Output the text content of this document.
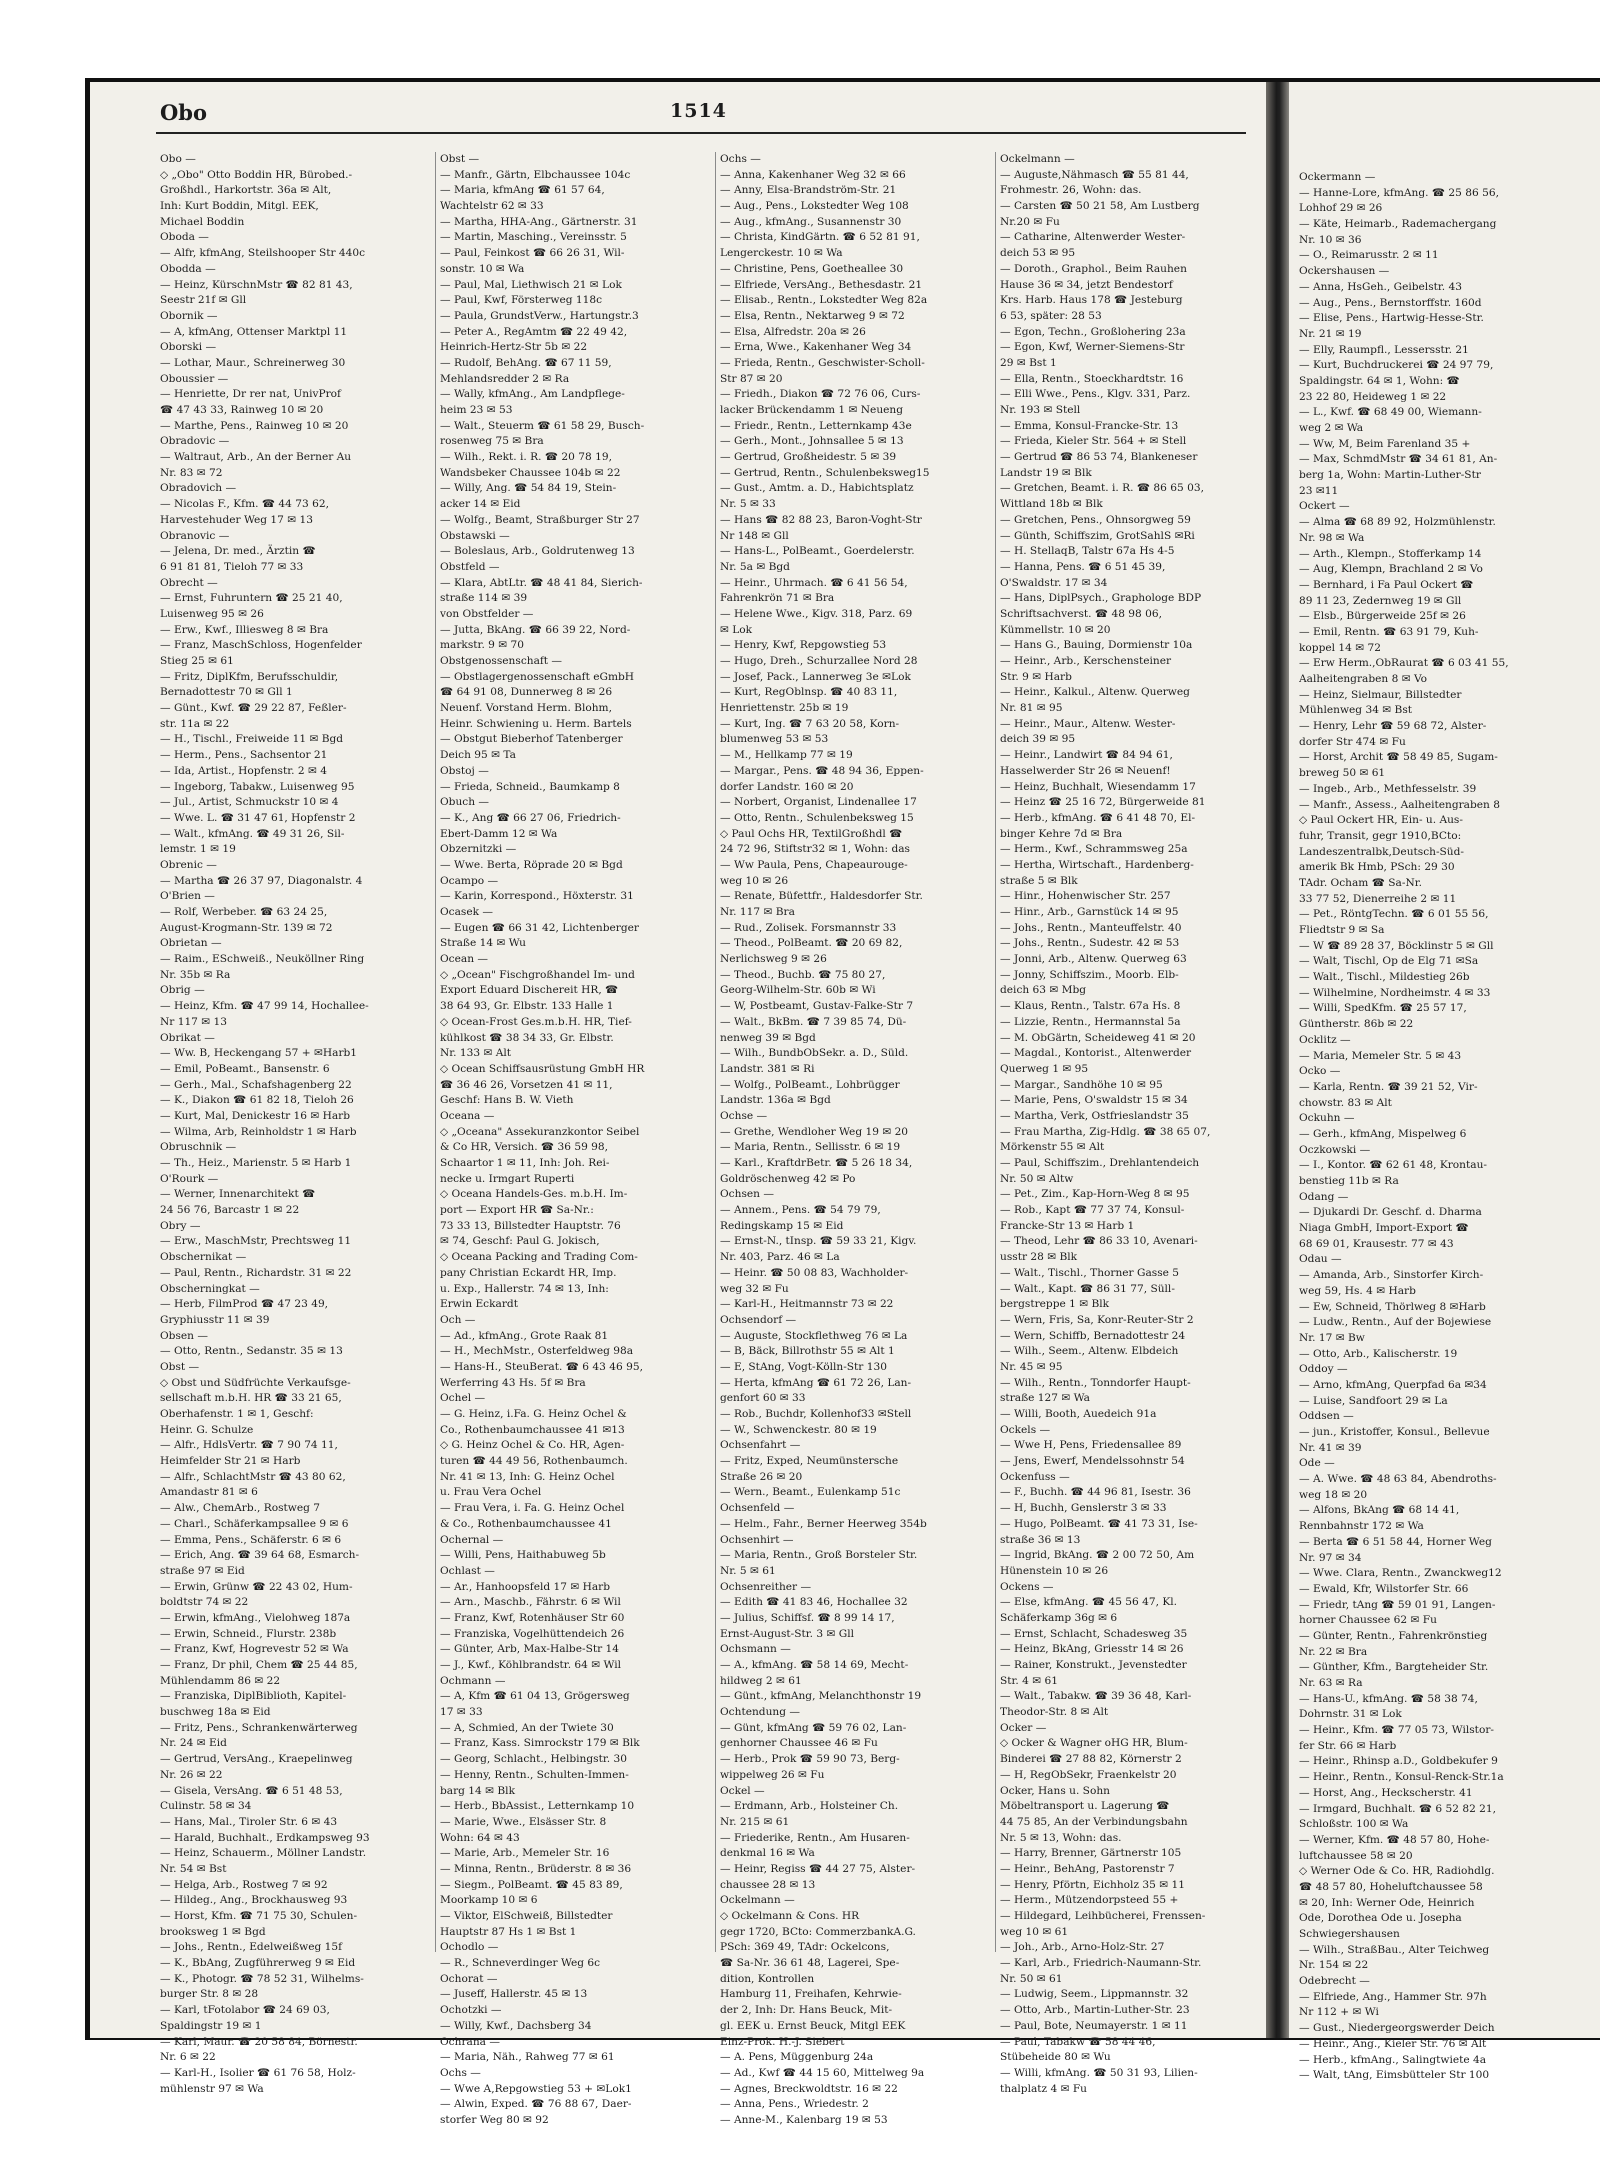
Obo	1514
Obo —
◇ „Obo" Otto Boddin HR, Bürobed.-
Großhdl., Harkortstr. 36a ✉ Alt,
Inh: Kurt Boddin, Mitgl. EEK,
Michael Boddin
Oboda —
— Alfr, kfmAng, Steilshooper Str 440c
Obodda —
— Heinz, KürschnMstr ☎ 82 81 43,
Seestr 21f ✉ Gll
Obornik —
— A, kfmAng, Ottenser Marktpl 11
Oborski —
— Lothar, Maur., Schreinerweg 30
Oboussier —
— Henriette, Dr rer nat, UnivProf
☎ 47 43 33, Rainweg 10 ✉ 20
— Marthe, Pens., Rainweg 10 ✉ 20
Obradovic —
— Waltraut, Arb., An der Berner Au
Nr. 83 ✉ 72
Obradovich —
— Nicolas F., Kfm. ☎ 44 73 62,
Harvestehuder Weg 17 ✉ 13
Obranovic —
— Jelena, Dr. med., Ärztin ☎
6 91 81 81, Tieloh 77 ✉ 33
Obrecht —
— Ernst, Fuhruntern ☎ 25 21 40,
Luisenweg 95 ✉ 26
— Erw., Kwf., Illiesweg 8 ✉ Bra
— Franz, MaschSchloss, Hogenfelder
Stieg 25 ✉ 61
— Fritz, DiplKfm, Berufsschuldir,
Bernadottestr 70 ✉ Gll 1
— Günt., Kwf. ☎ 29 22 87, Feßler-
str. 11a ✉ 22
— H., Tischl., Freiweide 11 ✉ Bgd
— Herm., Pens., Sachsentor 21
— Ida, Artist., Hopfenstr. 2 ✉ 4
— Ingeborg, Tabakw., Luisenweg 95
— Jul., Artist, Schmuckstr 10 ✉ 4
— Wwe. L. ☎ 31 47 61, Hopfenstr 2
— Walt., kfmAng. ☎ 49 31 26, Sil-
lemstr. 1 ✉ 19
Obrenic —
— Martha ☎ 26 37 97, Diagonalstr. 4
O'Brien —
— Rolf, Werbeber. ☎ 63 24 25,
August-Krogmann-Str. 139 ✉ 72
Obrietan —
— Raim., ESchweiß., Neuköllner Ring
Nr. 35b ✉ Ra
Obrig —
— Heinz, Kfm. ☎ 47 99 14, Hochallee-
Nr 117 ✉ 13
Obrikat —
— Ww. B, Heckengang 57 + ✉Harb1
— Emil, PoBeamt., Bansenstr. 6
— Gerh., Mal., Schafshagenberg 22
— K., Diakon ☎ 61 82 18, Tieloh 26
— Kurt, Mal, Denickestr 16 ✉ Harb
— Wilma, Arb, Reinholdstr 1 ✉ Harb
Obruschnik —
— Th., Heiz., Marienstr. 5 ✉ Harb 1
O'Rourk —
— Werner, Innenarchitekt ☎
24 56 76, Barcastr 1 ✉ 22
Obry —
— Erw., MaschMstr, Prechtsweg 11
Obschernikat —
— Paul, Rentn., Richardstr. 31 ✉ 22
Obscherningkat —
— Herb, FilmProd ☎ 47 23 49,
Gryphiusstr 11 ✉ 39
Obsen —
— Otto, Rentn., Sedanstr. 35 ✉ 13
Obst —
◇ Obst und Südfrüchte Verkaufsge-
sellschaft m.b.H. HR ☎ 33 21 65,
Oberhafenstr. 1 ✉ 1, Geschf:
Heinr. G. Schulze
— Alfr., HdlsVertr. ☎ 7 90 74 11,
Heimfelder Str 21 ✉ Harb
— Alfr., SchlachtMstr ☎ 43 80 62,
Amandastr 81 ✉ 6
— Alw., ChemArb., Rostweg 7
— Charl., Schäferkampsallee 9 ✉ 6
— Emma, Pens., Schäferstr. 6 ✉ 6
— Erich, Ang. ☎ 39 64 68, Esmarch-
straße 97 ✉ Eid
— Erwin, Grünw ☎ 22 43 02, Hum-
boldtstr 74 ✉ 22
— Erwin, kfmAng., Vielohweg 187a
— Erwin, Schneid., Flurstr. 238b
— Franz, Kwf, Hogrevestr 52 ✉ Wa
— Franz, Dr phil, Chem ☎ 25 44 85,
Mühlendamm 86 ✉ 22
— Franziska, DiplBiblioth, Kapitel-
buschweg 18a ✉ Eid
— Fritz, Pens., Schrankenwärterweg
Nr. 24 ✉ Eid
— Gertrud, VersAng., Kraepelinweg
Nr. 26 ✉ 22
— Gisela, VersAng. ☎ 6 51 48 53,
Culinstr. 58 ✉ 34
— Hans, Mal., Tiroler Str. 6 ✉ 43
— Harald, Buchhalt., Erdkampsweg 93
— Heinz, Schauerm., Möllner Landstr.
Nr. 54 ✉ Bst
— Helga, Arb., Rostweg 7 ✉ 92
— Hildeg., Ang., Brockhausweg 93
— Horst, Kfm. ☎ 71 75 30, Schulen-
brooksweg 1 ✉ Bgd
— Johs., Rentn., Edelweißweg 15f
— K., BbAng, Zugführerweg 9 ✉ Eid
— K., Photogr. ☎ 78 52 31, Wilhelms-
burger Str. 8 ✉ 28
— Karl, tFotolabor ☎ 24 69 03,
Spaldingstr 19 ✉ 1
— Karl, Maur. ☎ 20 58 84, Börnestr.
Nr. 6 ✉ 22
— Karl-H., Isolier ☎ 61 76 58, Holz-
mühlenstr 97 ✉ Wa
Obst —
— Manfr., Gärtn, Elbchaussee 104c
— Maria, kfmAng ☎ 61 57 64,
Wachtelstr 62 ✉ 33
— Martha, HHA-Ang., Gärtnerstr. 31
— Martin, Masching., Vereinsstr. 5
— Paul, Feinkost ☎ 66 26 31, Wil-
sonstr. 10 ✉ Wa
— Paul, Mal, Liethwisch 21 ✉ Lok
— Paul, Kwf, Försterweg 118c
— Paula, GrundstVerw., Hartungstr.3
— Peter A., RegAmtm ☎ 22 49 42,
Heinrich-Hertz-Str 5b ✉ 22
— Rudolf, BehAng. ☎ 67 11 59,
Mehlandsredder 2 ✉ Ra
— Wally, kfmAng., Am Landpflege-
heim 23 ✉ 53
— Walt., Steuerm ☎ 61 58 29, Busch-
rosenweg 75 ✉ Bra
— Wilh., Rekt. i. R. ☎ 20 78 19,
Wandsbeker Chaussee 104b ✉ 22
— Willy, Ang. ☎ 54 84 19, Stein-
acker 14 ✉ Eid
— Wolfg., Beamt, Straßburger Str 27
Obstawski —
— Boleslaus, Arb., Goldrutenweg 13
Obstfeld —
— Klara, AbtLtr. ☎ 48 41 84, Sierich-
straße 114 ✉ 39
von Obstfelder —
— Jutta, BkAng. ☎ 66 39 22, Nord-
markstr. 9 ✉ 70
Obstgenossenschaft —
— Obstlagergenossenschaft eGmbH
☎ 64 91 08, Dunnerweg 8 ✉ 26
Neuenf. Vorstand Herm. Blohm,
Heinr. Schwiening u. Herm. Bartels
— Obstgut Bieberhof Tatenberger
Deich 95 ✉ Ta
Obstoj —
— Frieda, Schneid., Baumkamp 8
Obuch —
— K., Ang ☎ 66 27 06, Friedrich-
Ebert-Damm 12 ✉ Wa
Obzernitzki —
— Wwe. Berta, Röprade 20 ✉ Bgd
Ocampo —
— Karin, Korrespond., Höxterstr. 31
Ocasek —
— Eugen ☎ 66 31 42, Lichtenberger
Straße 14 ✉ Wu
Ocean —
◇ „Ocean" Fischgroßhandel Im- und
Export Eduard Dischereit HR, ☎
38 64 93, Gr. Elbstr. 133 Halle 1
◇ Ocean-Frost Ges.m.b.H. HR, Tief-
kühlkost ☎ 38 34 33, Gr. Elbstr.
Nr. 133 ✉ Alt
◇ Ocean Schiffsausrüstung GmbH HR
☎ 36 46 26, Vorsetzen 41 ✉ 11,
Geschf: Hans B. W. Vieth
Oceana —
◇ „Oceana" Assekuranzkontor Seibel
& Co HR, Versich. ☎ 36 59 98,
Schaartor 1 ✉ 11, Inh: Joh. Rei-
necke u. Irmgart Ruperti
◇ Oceana Handels-Ges. m.b.H. Im-
port — Export HR ☎ Sa-Nr.:
73 33 13, Billstedter Hauptstr. 76
✉ 74, Geschf: Paul G. Jokisch,
◇ Oceana Packing and Trading Com-
pany Christian Eckardt HR, Imp.
u. Exp., Hallerstr. 74 ✉ 13, Inh:
Erwin Eckardt
Och —
— Ad., kfmAng., Grote Raak 81
— H., MechMstr., Osterfeldweg 98a
— Hans-H., SteuBerat. ☎ 6 43 46 95,
Werferring 43 Hs. 5f ✉ Bra
Ochel —
— G. Heinz, i.Fa. G. Heinz Ochel &
Co., Rothenbaumchaussee 41 ✉13
◇ G. Heinz Ochel & Co. HR, Agen-
turen ☎ 44 49 56, Rothenbaumch.
Nr. 41 ✉ 13, Inh: G. Heinz Ochel
u. Frau Vera Ochel
— Frau Vera, i. Fa. G. Heinz Ochel
& Co., Rothenbaumchaussee 41
Ochernal —
— Willi, Pens, Haithabuweg 5b
Ochlast —
— Ar., Hanhoopsfeld 17 ✉ Harb
— Arn., Maschb., Fährstr. 6 ✉ Wil
— Franz, Kwf, Rotenhäuser Str 60
— Franziska, Vogelhüttendeich 26
— Günter, Arb, Max-Halbe-Str 14
— J., Kwf., Köhlbrandstr. 64 ✉ Wil
Ochmann —
— A, Kfm ☎ 61 04 13, Grögersweg
17 ✉ 33
— A, Schmied, An der Twiete 30
— Franz, Kass. Simrockstr 179 ✉ Blk
— Georg, Schlacht., Helbingstr. 30
— Henny, Rentn., Schulten-Immen-
barg 14 ✉ Blk
— Herb., BbAssist., Letternkamp 10
— Marie, Wwe., Elsässer Str. 8
Wohn: 64 ✉ 43
— Marie, Arb., Memeler Str. 16
— Minna, Rentn., Brüderstr. 8 ✉ 36
— Siegm., PolBeamt. ☎ 45 83 89,
Moorkamp 10 ✉ 6
— Viktor, ElSchweiß, Billstedter
Hauptstr 87 Hs 1 ✉ Bst 1
Ochodlo —
— R., Schneverdinger Weg 6c
Ochorat —
— Juseff, Hallerstr. 45 ✉ 13
Ochotzki —
— Willy, Kwf., Dachsberg 34
Ochrana —
— Maria, Näh., Rahweg 77 ✉ 61
Ochs —
— Wwe A,Repgowstieg 53 + ✉Lok1
— Alwin, Exped. ☎ 76 88 67, Daer-
storfer Weg 80 ✉ 92
Ochs —
— Anna, Kakenhaner Weg 32 ✉ 66
— Anny, Elsa-Brandström-Str. 21
— Aug., Pens., Lokstedter Weg 108
— Aug., kfmAng., Susannenstr 30
— Christa, KindGärtn. ☎ 6 52 81 91,
Lengerckestr. 10 ✉ Wa
— Christine, Pens, Goetheallee 30
— Elfriede, VersAng., Bethesdastr. 21
— Elisab., Rentn., Lokstedter Weg 82a
— Elsa, Rentn., Nektarweg 9 ✉ 72
— Elsa, Alfredstr. 20a ✉ 26
— Erna, Wwe., Kakenhaner Weg 34
— Frieda, Rentn., Geschwister-Scholl-
Str 87 ✉ 20
— Friedh., Diakon ☎ 72 76 06, Curs-
lacker Brückendamm 1 ✉ Neueng
— Friedr., Rentn., Letternkamp 43e
— Gerh., Mont., Johnsallee 5 ✉ 13
— Gertrud, Großheidestr. 5 ✉ 39
— Gertrud, Rentn., Schulenbeksweg15
— Gust., Amtm. a. D., Habichtsplatz
Nr. 5 ✉ 33
— Hans ☎ 82 88 23, Baron-Voght-Str
Nr 148 ✉ Gll
— Hans-L., PolBeamt., Goerdelerstr.
Nr. 5a ✉ Bgd
— Heinr., Uhrmach. ☎ 6 41 56 54,
Fahrenkrön 71 ✉ Bra
— Helene Wwe., Kigv. 318, Parz. 69
✉ Lok
— Henry, Kwf, Repgowstieg 53
— Hugo, Dreh., Schurzallee Nord 28
— Josef, Pack., Lannerweg 3e ✉Lok
— Kurt, RegOblnsp. ☎ 40 83 11,
Henriettenstr. 25b ✉ 19
— Kurt, Ing. ☎ 7 63 20 58, Korn-
blumenweg 53 ✉ 53
— M., Hellkamp 77 ✉ 19
— Margar., Pens. ☎ 48 94 36, Eppen-
dorfer Landstr. 160 ✉ 20
— Norbert, Organist, Lindenallee 17
— Otto, Rentn., Schulenbeksweg 15
◇ Paul Ochs HR, TextilGroßhdl ☎
24 72 96, Stiftstr32 ✉ 1, Wohn: das
— Ww Paula, Pens, Chapeaurouge-
weg 10 ✉ 26
— Renate, Büfettfr., Haldesdorfer Str.
Nr. 117 ✉ Bra
— Rud., Zolisek. Forsmannstr 33
— Theod., PolBeamt. ☎ 20 69 82,
Nerlichsweg 9 ✉ 26
— Theod., Buchb. ☎ 75 80 27,
Georg-Wilhelm-Str. 60b ✉ Wi
— W, Postbeamt, Gustav-Falke-Str 7
— Walt., BkBm. ☎ 7 39 85 74, Dü-
nenweg 39 ✉ Bgd
— Wilh., BundbObSekr. a. D., Süld.
Landstr. 381 ✉ Ri
— Wolfg., PolBeamt., Lohbrügger
Landstr. 136a ✉ Bgd
Ochse —
— Grethe, Wendloher Weg 19 ✉ 20
— Maria, Rentn., Sellisstr. 6 ✉ 19
— Karl., KraftdrBetr. ☎ 5 26 18 34,
Goldröschenweg 42 ✉ Po
Ochsen —
— Annem., Pens. ☎ 54 79 79,
Redingskamp 15 ✉ Eid
— Ernst-N., tInsp. ☎ 59 33 21, Kigv.
Nr. 403, Parz. 46 ✉ La
— Heinr. ☎ 50 08 83, Wachholder-
weg 32 ✉ Fu
— Karl-H., Heitmannstr 73 ✉ 22
Ochsendorf —
— Auguste, Stockflethweg 76 ✉ La
— B, Bäck, Billrothstr 55 ✉ Alt 1
— E, StAng, Vogt-Kölln-Str 130
— Herta, kfmAng ☎ 61 72 26, Lan-
genfort 60 ✉ 33
— Rob., Buchdr, Kollenhof33 ✉Stell
— W., Schwenckestr. 80 ✉ 19
Ochsenfahrt —
— Fritz, Exped, Neumünstersche
Straße 26 ✉ 20
— Wern., Beamt., Eulenkamp 51c
Ochsenfeld —
— Helm., Fahr., Berner Heerweg 354b
Ochsenhirt —
— Maria, Rentn., Groß Borsteler Str.
Nr. 5 ✉ 61
Ochsenreither —
— Edith ☎ 41 83 46, Hochallee 32
— Julius, Schiffsf. ☎ 8 99 14 17,
Ernst-August-Str. 3 ✉ Gll
Ochsmann —
— A., kfmAng. ☎ 58 14 69, Mecht-
hildweg 2 ✉ 61
— Günt., kfmAng, Melanchthonstr 19
Ochtendung —
— Günt, kfmAng ☎ 59 76 02, Lan-
genhorner Chaussee 46 ✉ Fu
— Herb., Prok ☎ 59 90 73, Berg-
wippelweg 26 ✉ Fu
Ockel —
— Erdmann, Arb., Holsteiner Ch.
Nr. 215 ✉ 61
— Friederike, Rentn., Am Husaren-
denkmal 16 ✉ Wa
— Heinr, Regiss ☎ 44 27 75, Alster-
chaussee 28 ✉ 13
Ockelmann —
◇ Ockelmann & Cons. HR
gegr 1720, BCto: CommerzbankA.G.
PSch: 369 49, TAdr: Ockelcons,
☎ Sa-Nr. 36 61 48, Lagerei, Spe-
dition, Kontrollen
Hamburg 11, Freihafen, Kehrwie-
der 2, Inh: Dr. Hans Beuck, Mit-
gl. EEK u. Ernst Beuck, Mitgl EEK
Einz-Prok. H.-J. Siebert
— A. Pens, Müggenburg 24a
— Ad., Kwf ☎ 44 15 60, Mittelweg 9a
— Agnes, Breckwoldtstr. 16 ✉ 22
— Anna, Pens., Wriedestr. 2
— Anne-M., Kalenbarg 19 ✉ 53
Ockelmann —
— Auguste,Nähmasch ☎ 55 81 44,
Frohmestr. 26, Wohn: das.
— Carsten ☎ 50 21 58, Am Lustberg
Nr.20 ✉ Fu
— Catharine, Altenwerder Wester-
deich 53 ✉ 95
— Doroth., Graphol., Beim Rauhen
Hause 36 ✉ 34, jetzt Bendestorf
Krs. Harb. Haus 178 ☎ Jesteburg
6 53, später: 28 53
— Egon, Techn., Großlohering 23a
— Egon, Kwf, Werner-Siemens-Str
29 ✉ Bst 1
— Ella, Rentn., Stoeckhardtstr. 16
— Elli Wwe., Pens., Klgv. 331, Parz.
Nr. 193 ✉ Stell
— Emma, Konsul-Francke-Str. 13
— Frieda, Kieler Str. 564 + ✉ Stell
— Gertrud ☎ 86 53 74, Blankeneser
Landstr 19 ✉ Blk
— Gretchen, Beamt. i. R. ☎ 86 65 03,
Wittland 18b ✉ Blk
— Gretchen, Pens., Ohnsorgweg 59
— Günth, Schiffszim, GrotSahlS ✉Ri
— H. StellaqB, Talstr 67a Hs 4-5
— Hanna, Pens. ☎ 6 51 45 39,
O'Swaldstr. 17 ✉ 34
— Hans, DiplPsych., Graphologe BDP
Schriftsachverst. ☎ 48 98 06,
Kümmellstr. 10 ✉ 20
— Hans G., Bauing, Dormienstr 10a
— Heinr., Arb., Kerschensteiner
Str. 9 ✉ Harb
— Heinr., Kalkul., Altenw. Querweg
Nr. 81 ✉ 95
— Heinr., Maur., Altenw. Wester-
deich 39 ✉ 95
— Heinr., Landwirt ☎ 84 94 61,
Hasselwerder Str 26 ✉ Neuenf!
— Heinz, Buchhalt, Wiesendamm 17
— Heinz ☎ 25 16 72, Bürgerweide 81
— Herb., kfmAng. ☎ 6 41 48 70, El-
binger Kehre 7d ✉ Bra
— Herm., Kwf., Schrammsweg 25a
— Hertha, Wirtschaft., Hardenberg-
straße 5 ✉ Blk
— Hinr., Hohenwischer Str. 257
— Hinr., Arb., Garnstück 14 ✉ 95
— Johs., Rentn., Manteuffelstr. 40
— Johs., Rentn., Sudestr. 42 ✉ 53
— Jonni, Arb., Altenw. Querweg 63
— Jonny, Schiffszim., Moorb. Elb-
deich 63 ✉ Mbg
— Klaus, Rentn., Talstr. 67a Hs. 8
— Lizzie, Rentn., Hermannstal 5a
— M. ObGärtn, Scheideweg 41 ✉ 20
— Magdal., Kontorist., Altenwerder
Querweg 1 ✉ 95
— Margar., Sandhöhe 10 ✉ 95
— Marie, Pens, O'swaldstr 15 ✉ 34
— Martha, Verk, Ostfrieslandstr 35
— Frau Martha, Zig-Hdlg. ☎ 38 65 07,
Mörkenstr 55 ✉ Alt
— Paul, Schiffszim., Drehlantendeich
Nr. 50 ✉ Altw
— Pet., Zim., Kap-Horn-Weg 8 ✉ 95
— Rob., Kapt ☎ 77 37 74, Konsul-
Francke-Str 13 ✉ Harb 1
— Theod, Lehr ☎ 86 33 10, Avenari-
usstr 28 ✉ Blk
— Walt., Tischl., Thorner Gasse 5
— Walt., Kapt. ☎ 86 31 77, Süll-
bergstreppe 1 ✉ Blk
— Wern, Fris, Sa, Konr-Reuter-Str 2
— Wern, Schiffb, Bernadottestr 24
— Wilh., Seem., Altenw. Elbdeich
Nr. 45 ✉ 95
— Wilh., Rentn., Tonndorfer Haupt-
straße 127 ✉ Wa
— Willi, Booth, Auedeich 91a
Ockels —
— Wwe H, Pens, Friedensallee 89
— Jens, Ewerf, Mendelssohnstr 54
Ockenfuss —
— F., Buchh. ☎ 44 96 81, Isestr. 36
— H, Buchh, Genslerstr 3 ✉ 33
— Hugo, PolBeamt. ☎ 41 73 31, Ise-
straße 36 ✉ 13
— Ingrid, BkAng. ☎ 2 00 72 50, Am
Hünenstein 10 ✉ 26
Ockens —
— Else, kfmAng. ☎ 45 56 47, Kl.
Schäferkamp 36g ✉ 6
— Ernst, Schlacht, Schadesweg 35
— Heinz, BkAng, Griesstr 14 ✉ 26
— Rainer, Konstrukt., Jevenstedter
Str. 4 ✉ 61
— Walt., Tabakw. ☎ 39 36 48, Karl-
Theodor-Str. 8 ✉ Alt
Ocker —
◇ Ocker & Wagner oHG HR, Blum-
Binderei ☎ 27 88 82, Körnerstr 2
— H, RegObSekr, Fraenkelstr 20
Ocker, Hans u. Sohn
Möbeltransport u. Lagerung ☎
44 75 85, An der Verbindungsbahn
Nr. 5 ✉ 13, Wohn: das.
— Harry, Brenner, Gärtnerstr 105
— Heinr., BehAng, Pastorenstr 7
— Henry, Pförtn, Eichholz 35 ✉ 11
— Herm., Mützendorpsteed 55 +
— Hildegard, Leihbücherei, Frenssen-
weg 10 ✉ 61
— Joh., Arb., Arno-Holz-Str. 27
— Karl, Arb., Friedrich-Naumann-Str.
Nr. 50 ✉ 61
— Ludwig, Seem., Lippmannstr. 32
— Otto, Arb., Martin-Luther-Str. 23
— Paul, Bote, Neumayerstr. 1 ✉ 11
— Paul, Tabakw ☎ 58 44 46,
Stübeheide 80 ✉ Wu
— Willi, kfmAng. ☎ 50 31 93, Lilien-
thalplatz 4 ✉ Fu
Ockermann —
— Hanne-Lore, kfmAng. ☎ 25 86 56,
Lohhof 29 ✉ 26
— Käte, Heimarb., Rademachergang
Nr. 10 ✉ 36
— O., Reimarusstr. 2 ✉ 11
Ockershausen —
— Anna, HsGeh., Geibelstr. 43
— Aug., Pens., Bernstorffstr. 160d
— Elise, Pens., Hartwig-Hesse-Str.
Nr. 21 ✉ 19
— Elly, Raumpfl., Lessersstr. 21
— Kurt, Buchdruckerei ☎ 24 97 79,
Spaldingstr. 64 ✉ 1, Wohn: ☎
23 22 80, Heideweg 1 ✉ 22
— L., Kwf. ☎ 68 49 00, Wiemann-
weg 2 ✉ Wa
— Ww, M, Beim Farenland 35 +
— Max, SchmdMstr ☎ 34 61 81, An-
berg 1a, Wohn: Martin-Luther-Str
23 ✉11
Ockert —
— Alma ☎ 68 89 92, Holzmühlenstr.
Nr. 98 ✉ Wa
— Arth., Klempn., Stofferkamp 14
— Aug, Klempn, Brachland 2 ✉ Vo
— Bernhard, i Fa Paul Ockert ☎
89 11 23, Zedernweg 19 ✉ Gll
— Elsb., Bürgerweide 25f ✉ 26
— Emil, Rentn. ☎ 63 91 79, Kuh-
koppel 14 ✉ 72
— Erw Herm.,ObRaurat ☎ 6 03 41 55,
Aalheitengraben 8 ✉ Vo
— Heinz, Sielmaur, Billstedter
Mühlenweg 34 ✉ Bst
— Henry, Lehr ☎ 59 68 72, Alster-
dorfer Str 474 ✉ Fu
— Horst, Archit ☎ 58 49 85, Sugam-
breweg 50 ✉ 61
— Ingeb., Arb., Methfesselstr. 39
— Manfr., Assess., Aalheitengraben 8
◇ Paul Ockert HR, Ein- u. Aus-
fuhr, Transit, gegr 1910,BCto:
Landeszentralbk,Deutsch-Süd-
amerik Bk Hmb, PSch: 29 30
TAdr. Ocham ☎ Sa-Nr.
33 77 52, Dienerreihe 2 ✉ 11
— Pet., RöntgTechn. ☎ 6 01 55 56,
Fliedtstr 9 ✉ Sa
— W ☎ 89 28 37, Böcklinstr 5 ✉ Gll
— Walt, Tischl, Op de Elg 71 ✉Sa
— Walt., Tischl., Mildestieg 26b
— Wilhelmine, Nordheimstr. 4 ✉ 33
— Willi, SpedKfm. ☎ 25 57 17,
Güntherstr. 86b ✉ 22
Ocklitz —
— Maria, Memeler Str. 5 ✉ 43
Ocko —
— Karla, Rentn. ☎ 39 21 52, Vir-
chowstr. 83 ✉ Alt
Ockuhn —
— Gerh., kfmAng, Mispelweg 6
Oczkowski —
— I., Kontor. ☎ 62 61 48, Krontau-
benstieg 11b ✉ Ra
Odang —
— Djukardi Dr. Geschf. d. Dharma
Niaga GmbH, Import-Export ☎
68 69 01, Krausestr. 77 ✉ 43
Odau —
— Amanda, Arb., Sinstorfer Kirch-
weg 59, Hs. 4 ✉ Harb
— Ew, Schneid, Thörlweg 8 ✉Harb
— Ludw., Rentn., Auf der Bojewiese
Nr. 17 ✉ Bw
— Otto, Arb., Kalischerstr. 19
Oddoy —
— Arno, kfmAng, Querpfad 6a ✉34
— Luise, Sandfoort 29 ✉ La
Oddsen —
— jun., Kristoffer, Konsul., Bellevue
Nr. 41 ✉ 39
Ode —
— A. Wwe. ☎ 48 63 84, Abendroths-
weg 18 ✉ 20
— Alfons, BkAng ☎ 68 14 41,
Rennbahnstr 172 ✉ Wa
— Berta ☎ 6 51 58 44, Horner Weg
Nr. 97 ✉ 34
— Wwe. Clara, Rentn., Zwanckweg12
— Ewald, Kfr, Wilstorfer Str. 66
— Friedr, tAng ☎ 59 01 91, Langen-
horner Chaussee 62 ✉ Fu
— Günter, Rentn., Fahrenkrönstieg
Nr. 22 ✉ Bra
— Günther, Kfm., Bargteheider Str.
Nr. 63 ✉ Ra
— Hans-U., kfmAng. ☎ 58 38 74,
Dohrnstr. 31 ✉ Lok
— Heinr., Kfm. ☎ 77 05 73, Wilstor-
fer Str. 66 ✉ Harb
— Heinr., Rhinsp a.D., Goldbekufer 9
— Heinr., Rentn., Konsul-Renck-Str.1a
— Horst, Ang., Heckscherstr. 41
— Irmgard, Buchhalt. ☎ 6 52 82 21,
Schloßstr. 100 ✉ Wa
— Werner, Kfm. ☎ 48 57 80, Hohe-
luftchaussee 58 ✉ 20
◇ Werner Ode & Co. HR, Radiohdlg.
☎ 48 57 80, Hoheluftchaussee 58
✉ 20, Inh: Werner Ode, Heinrich
Ode, Dorothea Ode u. Josepha
Schwiegershausen
— Wilh., StraßBau., Alter Teichweg
Nr. 154 ✉ 22
Odebrecht —
— Elfriede, Ang., Hammer Str. 97h
Nr 112 + ✉ Wi
— Gust., Niedergeorgswerder Deich
— Heinr., Ang., Kieler Str. 76 ✉ Alt
— Herb., kfmAng., Salingtwiete 4a
— Walt, tAng, Eimsbütteler Str 100
